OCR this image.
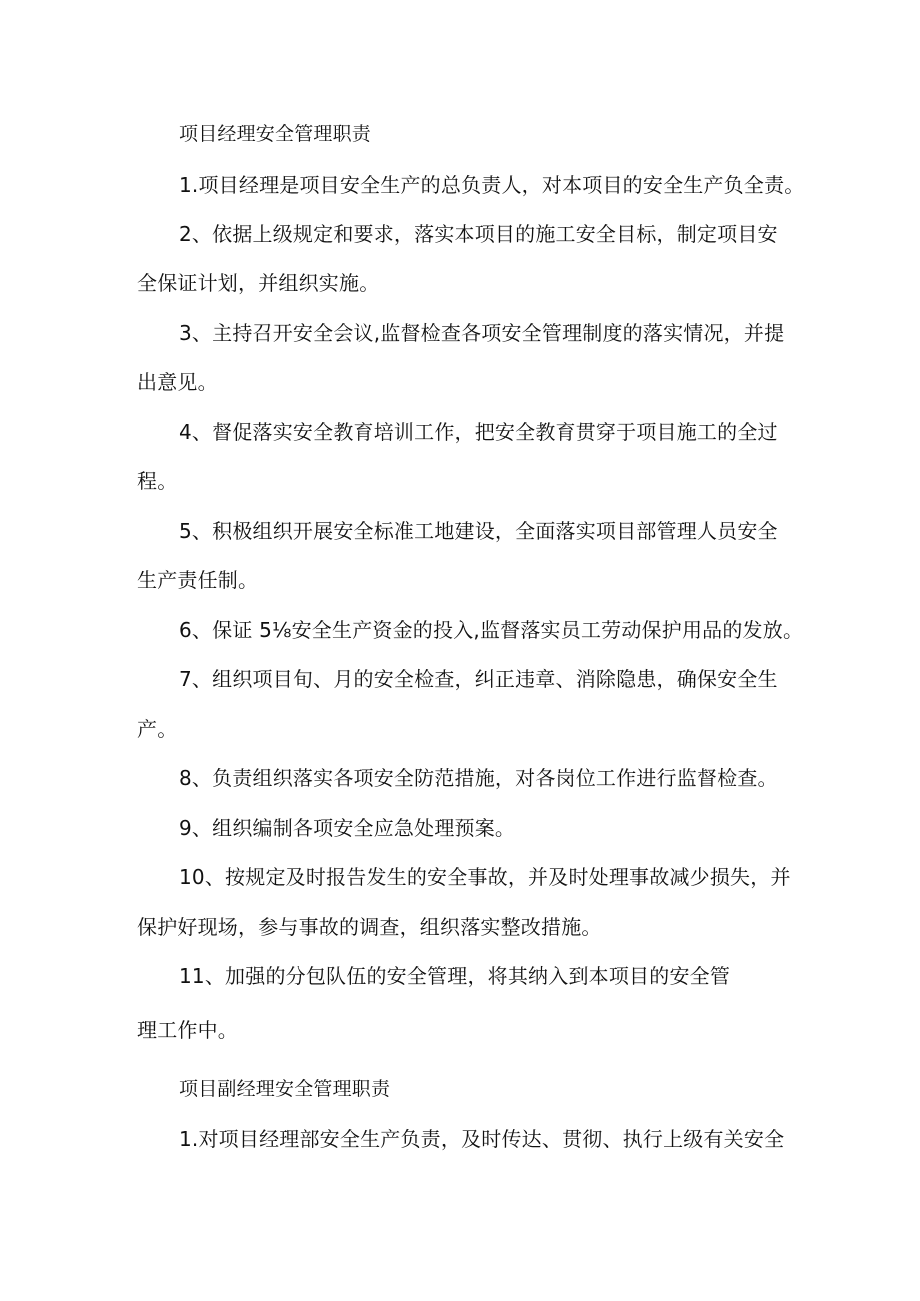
项目经理安全管理职责
1.项目经理是项目安全生产的总负责人，对本项目的安全生产负全责。
2、依据上级规定和要求，落实本项目的施工安全目标，制定项目安
全保证计划，并组织实施。
3、主持召开安全会议,监督检查各项安全管理制度的落实情况，并提
出意见。
4、督促落实安全教育培训工作，把安全教育贯穿于项目施工的全过
程。
5、积极组织开展安全标准工地建设，全面落实项目部管理人员安全
生产责任制。
6、保证 5⅛安全生产资金的投入,监督落实员工劳动保护用品的发放。
7、组织项目旬、月的安全检查，纠正违章、消除隐患，确保安全生
产。
8、负责组织落实各项安全防范措施，对各岗位工作进行监督检查。
9、组织编制各项安全应急处理预案。
10、按规定及时报告发生的安全事故，并及时处理事故减少损失，并
保护好现场，参与事故的调查，组织落实整改措施。
11、加强的分包队伍的安全管理，将其纳入到本项目的安全管
理工作中。
项目副经理安全管理职责
1.对项目经理部安全生产负责，及时传达、贯彻、执行上级有关安全
